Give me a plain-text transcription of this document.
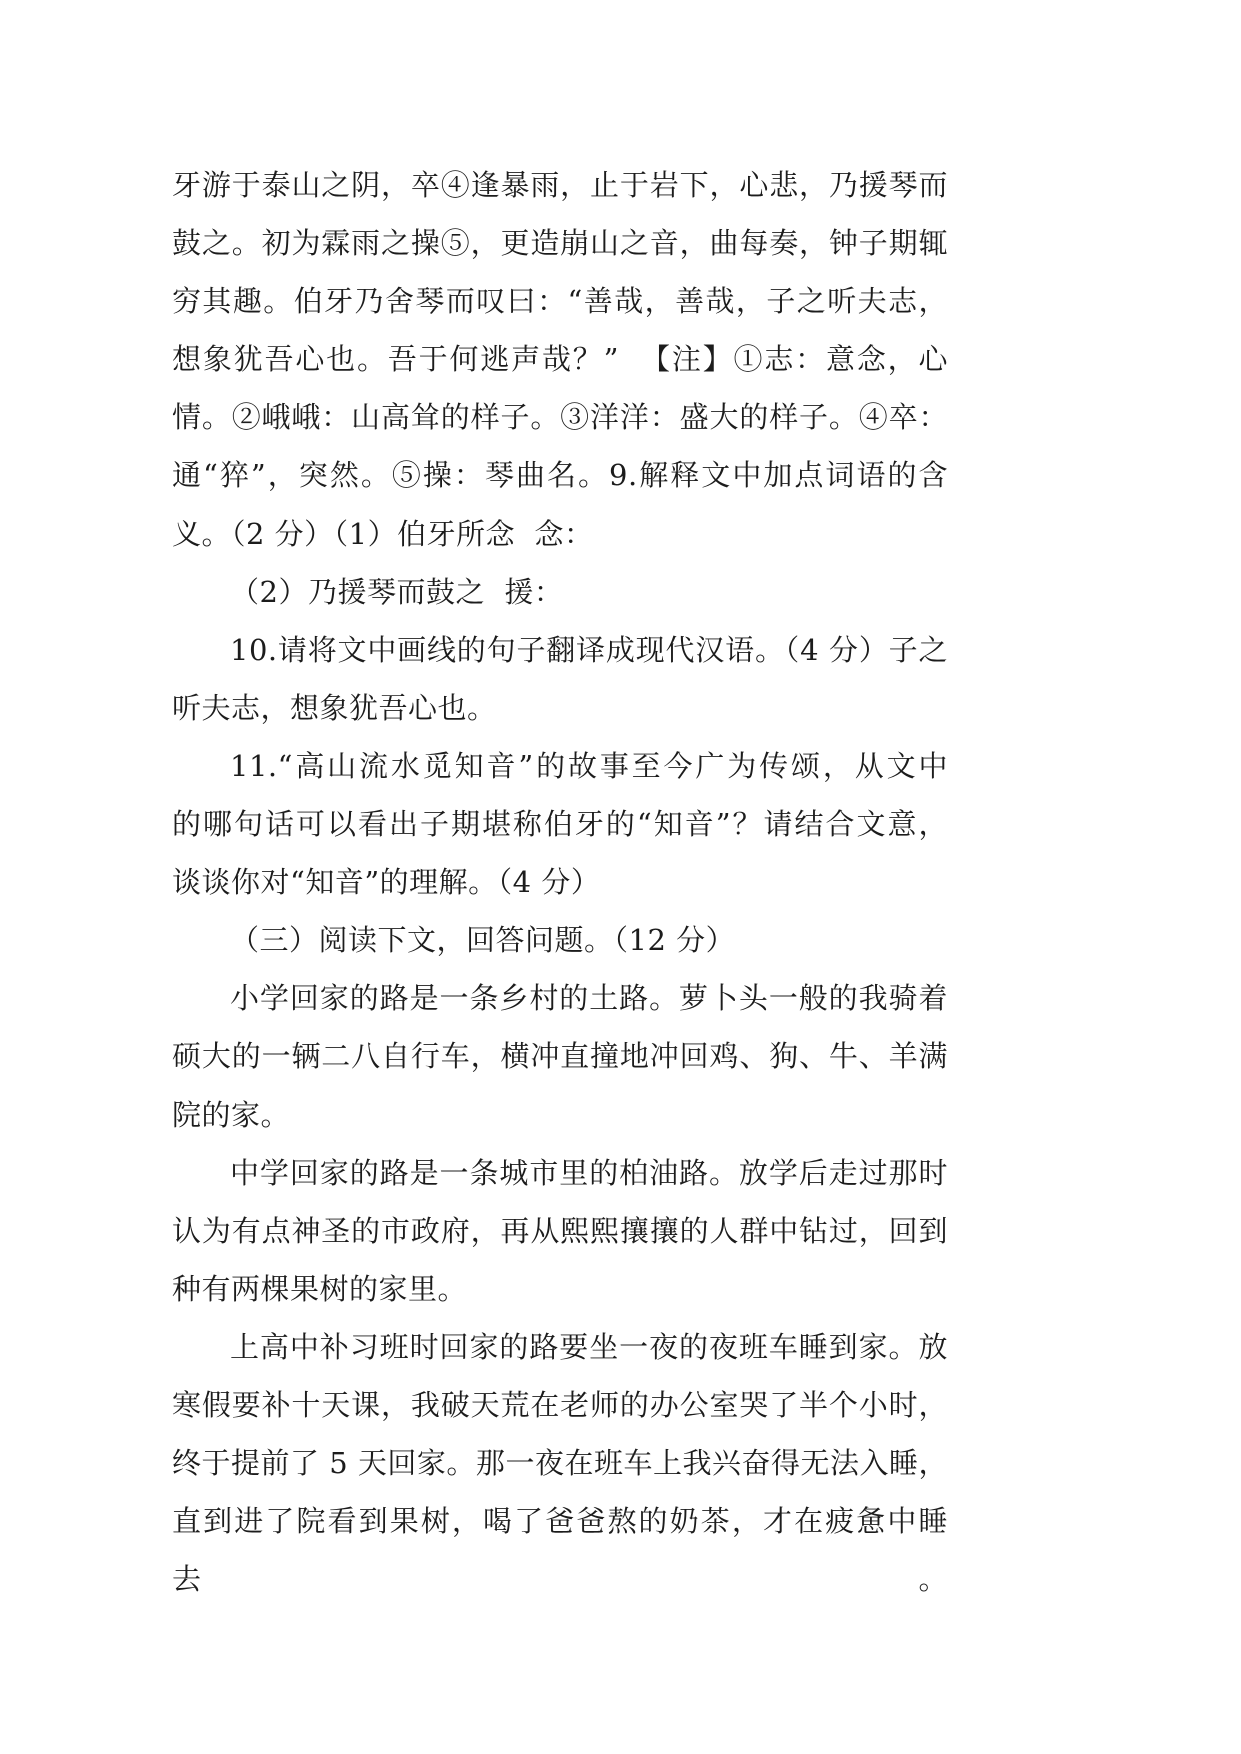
牙游于泰山之阴，卒④逢暴雨，止于岩下，心悲，乃援琴而
鼓之。初为霖雨之操⑤，更造崩山之音，曲每奏，钟子期辄
穷其趣。伯牙乃舍琴而叹曰：“善哉，善哉，子之听夫志，
想象犹吾心也。吾于何逃声哉？”  【注】①志：意念，心
情。②峨峨：山高耸的样子。③洋洋：盛大的样子。④卒：
通“猝”，突然。⑤操：琴曲名。9.解释文中加点词语的含
义。（2 分）（1）伯牙所念  念：
（2）乃援琴而鼓之  援：
10.请将文中画线的句子翻译成现代汉语。（4 分）子之
听夫志，想象犹吾心也。
11.“高山流水觅知音”的故事至今广为传颂，从文中
的哪句话可以看出子期堪称伯牙的“知音”？请结合文意，
谈谈你对“知音”的理解。（4 分）
（三）阅读下文，回答问题。（12 分）
小学回家的路是一条乡村的土路。萝卜头一般的我骑着
硕大的一辆二八自行车，横冲直撞地冲回鸡、狗、牛、羊满
院的家。
中学回家的路是一条城市里的柏油路。放学后走过那时
认为有点神圣的市政府，再从熙熙攘攘的人群中钻过，回到
种有两棵果树的家里。
上高中补习班时回家的路要坐一夜的夜班车睡到家。放
寒假要补十天课，我破天荒在老师的办公室哭了半个小时，
终于提前了 5 天回家。那一夜在班车上我兴奋得无法入睡，
直到进了院看到果树，喝了爸爸熬的奶茶，才在疲惫中睡去。
